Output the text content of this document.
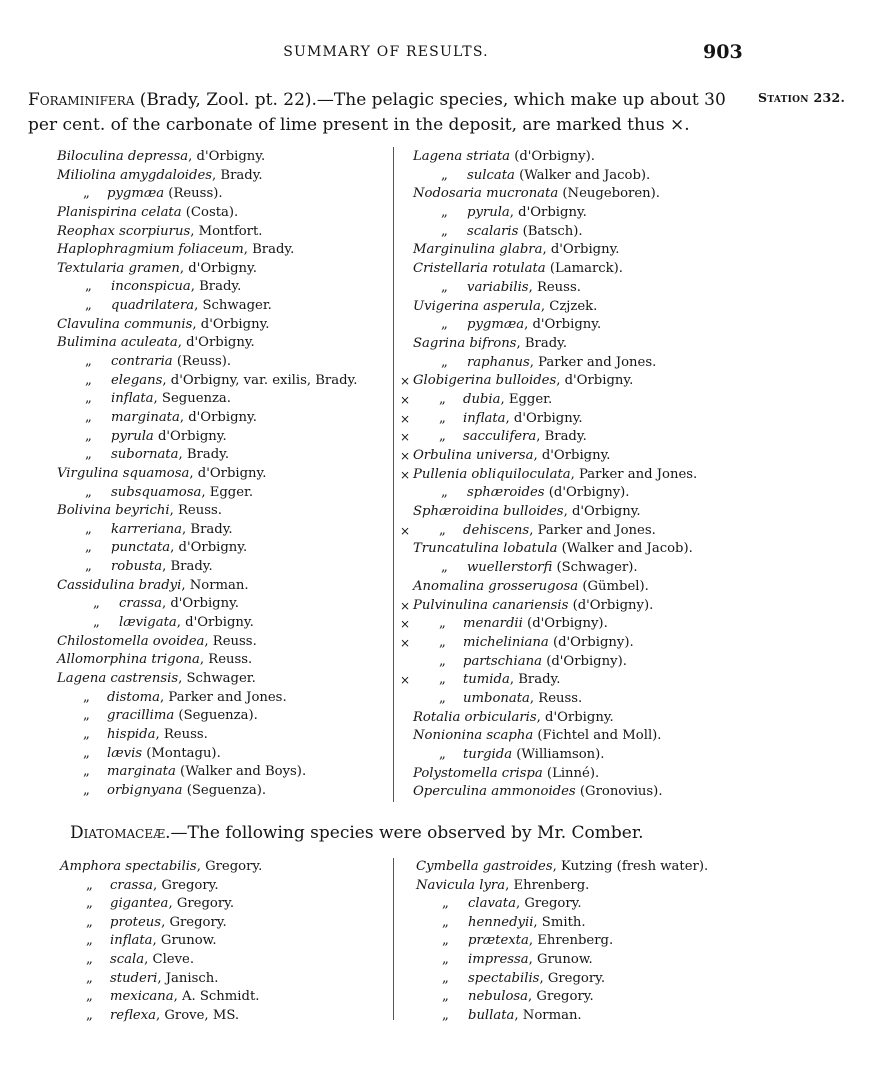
SUMMARY OF RESULTS.	903
Station 232.
Foraminifera (Brady, Zool. pt. 22).—The pelagic species, which make up about 30 per cent. of the carbonate of lime present in the deposit, are marked thus ×.
Biloculina depressa, d'Orbigny.
Miliolina amygdaloides, Brady.
„ pygmæa (Reuss).
Planispirina celata (Costa).
Reophax scorpiurus, Montfort.
Haplophragmium foliaceum, Brady.
Textularia gramen, d'Orbigny.
„ inconspicua, Brady.
„ quadrilatera, Schwager.
Clavulina communis, d'Orbigny.
Bulimina aculeata, d'Orbigny.
„ contraria (Reuss).
„ elegans, d'Orbigny, var. exilis, Brady.
„ inflata, Seguenza.
„ marginata, d'Orbigny.
„ pyrula d'Orbigny.
„ subornata, Brady.
Virgulina squamosa, d'Orbigny.
„ subsquamosa, Egger.
Bolivina beyrichi, Reuss.
„ karreriana, Brady.
„ punctata, d'Orbigny.
„ robusta, Brady.
Cassidulina bradyi, Norman.
„ crassa, d'Orbigny.
„ lævigata, d'Orbigny.
Chilostomella ovoidea, Reuss.
Allomorphina trigona, Reuss.
Lagena castrensis, Schwager.
„ distoma, Parker and Jones.
„ gracillima (Seguenza).
„ hispida, Reuss.
„ lævis (Montagu).
„ marginata (Walker and Boys).
„ orbignyana (Seguenza).
Lagena striata (d'Orbigny).
„ sulcata (Walker and Jacob).
Nodosaria mucronata (Neugeboren).
„ pyrula, d'Orbigny.
„ scalaris (Batsch).
Marginulina glabra, d'Orbigny.
Cristellaria rotulata (Lamarck).
„ variabilis, Reuss.
Uvigerina asperula, Czjzek.
„ pygmæa, d'Orbigny.
Sagrina bifrons, Brady.
„ raphanus, Parker and Jones.
× Globigerina bulloides, d'Orbigny.
× „ dubia, Egger.
× „ inflata, d'Orbigny.
× „ sacculifera, Brady.
× Orbulina universa, d'Orbigny.
× Pullenia obliquiloculata, Parker and Jones.
„ sphæroides (d'Orbigny).
Sphæroidina bulloides, d'Orbigny.
× „ dehiscens, Parker and Jones.
Truncatulina lobatula (Walker and Jacob).
„ wuellerstorfi (Schwager).
Anomalina grosserugosa (Gümbel).
× Pulvinulina canariensis (d'Orbigny).
× „ menardii (d'Orbigny).
× „ micheliniana (d'Orbigny).
„ partschiana (d'Orbigny).
× „ tumida, Brady.
„ umbonata, Reuss.
Rotalia orbicularis, d'Orbigny.
Nonionina scapha (Fichtel and Moll).
„ turgida (Williamson).
Polystomella crispa (Linné).
Operculina ammonoides (Gronovius).
Diatomaceæ.—The following species were observed by Mr. Comber.
Amphora spectabilis, Gregory.
„ crassa, Gregory.
„ gigantea, Gregory.
„ proteus, Gregory.
„ inflata, Grunow.
„ scala, Cleve.
„ studeri, Janisch.
„ mexicana, A. Schmidt.
„ reflexa, Grove, MS.
Cymbella gastroides, Kutzing (fresh water).
Navicula lyra, Ehrenberg.
„ clavata, Gregory.
„ hennedyii, Smith.
„ prætexta, Ehrenberg.
„ impressa, Grunow.
„ spectabilis, Gregory.
„ nebulosa, Gregory.
„ bullata, Norman.
